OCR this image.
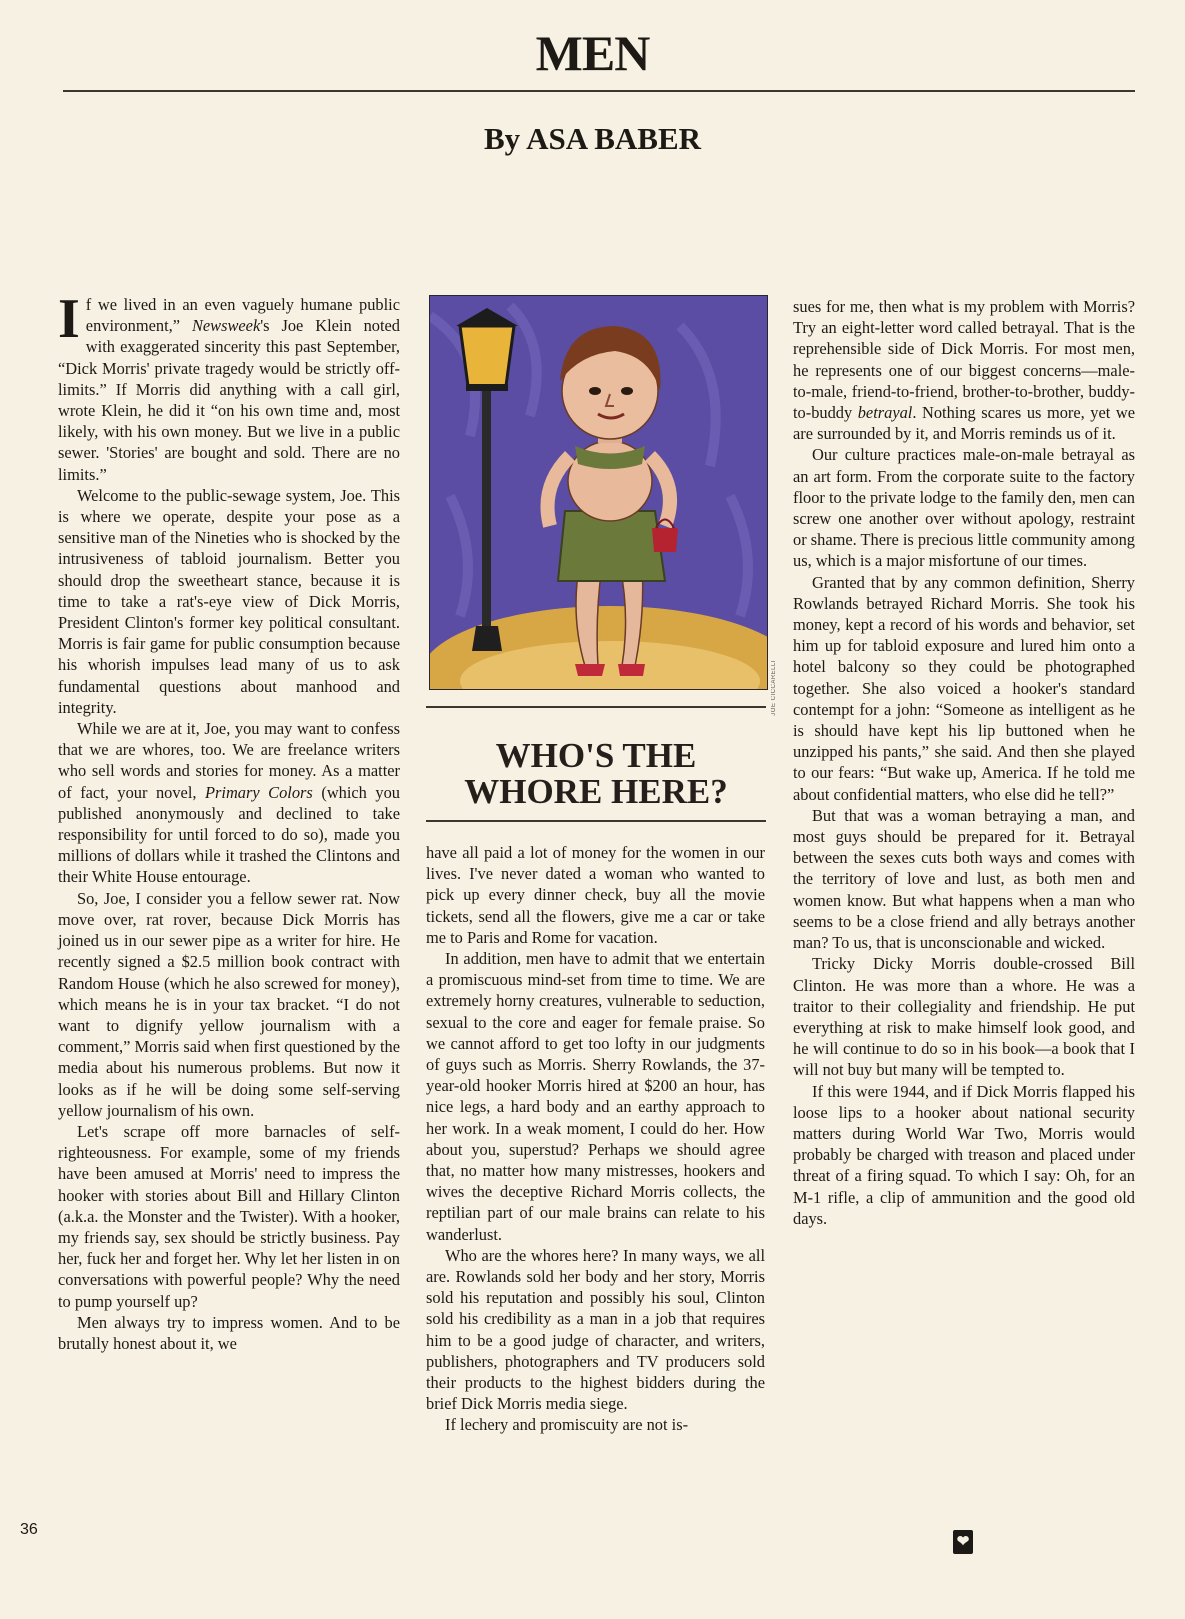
MEN
By ASA BABER

If we lived in an even vaguely humane public environment,” Newsweek's Joe Klein noted with exaggerated sincerity this past September, “Dick Morris' private tragedy would be strictly off-limits.” If Morris did anything with a call girl, wrote Klein, he did it “on his own time and, most likely, with his own money. But we live in a public sewer. 'Stories' are bought and sold. There are no limits.”

Welcome to the public-sewage system, Joe. This is where we operate, despite your pose as a sensitive man of the Nineties who is shocked by the intrusiveness of tabloid journalism. Better you should drop the sweetheart stance, because it is time to take a rat's-eye view of Dick Morris, President Clinton's former key political consultant. Morris is fair game for public consumption because his whorish impulses lead many of us to ask fundamental questions about manhood and integrity.

While we are at it, Joe, you may want to confess that we are whores, too. We are freelance writers who sell words and stories for money. As a matter of fact, your novel, Primary Colors (which you published anonymously and declined to take responsibility for until forced to do so), made you millions of dollars while it trashed the Clintons and their White House entourage.

So, Joe, I consider you a fellow sewer rat. Now move over, rat rover, because Dick Morris has joined us in our sewer pipe as a writer for hire. He recently signed a $2.5 million book contract with Random House (which he also screwed for money), which means he is in your tax bracket. “I do not want to dignify yellow journalism with a comment,” Morris said when first questioned by the media about his numerous problems. But now it looks as if he will be doing some self-serving yellow journalism of his own.

Let's scrape off more barnacles of self-righteousness. For example, some of my friends have been amused at Morris' need to impress the hooker with stories about Bill and Hillary Clinton (a.k.a. the Monster and the Twister). With a hooker, my friends say, sex should be strictly business. Pay her, fuck her and forget her. Why let her listen in on conversations with powerful people? Why the need to pump yourself up?

Men always try to impress women. And to be brutally honest about it, we

JOE CICCARELLI
WHO'S THE
WHORE HERE?

have all paid a lot of money for the women in our lives. I've never dated a woman who wanted to pick up every dinner check, buy all the movie tickets, send all the flowers, give me a car or take me to Paris and Rome for vacation.

In addition, men have to admit that we entertain a promiscuous mind-set from time to time. We are extremely horny creatures, vulnerable to seduction, sexual to the core and eager for female praise. So we cannot afford to get too lofty in our judgments of guys such as Morris. Sherry Rowlands, the 37-year-old hooker Morris hired at $200 an hour, has nice legs, a hard body and an earthy approach to her work. In a weak moment, I could do her. How about you, superstud? Perhaps we should agree that, no matter how many mistresses, hookers and wives the deceptive Richard Morris collects, the reptilian part of our male brains can relate to his wanderlust.

Who are the whores here? In many ways, we all are. Rowlands sold her body and her story, Morris sold his reputation and possibly his soul, Clinton sold his credibility as a man in a job that requires him to be a good judge of character, and writers, publishers, photographers and TV producers sold their products to the highest bidders during the brief Dick Morris media siege.

If lechery and promiscuity are not is-

sues for me, then what is my problem with Morris? Try an eight-letter word called betrayal. That is the reprehensible side of Dick Morris. For most men, he represents one of our biggest concerns—male-to-male, friend-to-friend, brother-to-brother, buddy-to-buddy betrayal. Nothing scares us more, yet we are surrounded by it, and Morris reminds us of it.

Our culture practices male-on-male betrayal as an art form. From the corporate suite to the factory floor to the private lodge to the family den, men can screw one another over without apology, restraint or shame. There is precious little community among us, which is a major misfortune of our times.

Granted that by any common definition, Sherry Rowlands betrayed Richard Morris. She took his money, kept a record of his words and behavior, set him up for tabloid exposure and lured him onto a hotel balcony so they could be photographed together. She also voiced a hooker's standard contempt for a john: “Someone as intelligent as he is should have kept his lip buttoned when he unzipped his pants,” she said. And then she played to our fears: “But wake up, America. If he told me about confidential matters, who else did he tell?”

But that was a woman betraying a man, and most guys should be prepared for it. Betrayal between the sexes cuts both ways and comes with the territory of love and lust, as both men and women know. But what happens when a man who seems to be a close friend and ally betrays another man? To us, that is unconscionable and wicked.

Tricky Dicky Morris double-crossed Bill Clinton. He was more than a whore. He was a traitor to their collegiality and friendship. He put everything at risk to make himself look good, and he will continue to do so in his book—a book that I will not buy but many will be tempted to.

If this were 1944, and if Dick Morris flapped his loose lips to a hooker about national security matters during World War Two, Morris would probably be charged with treason and placed under threat of a firing squad. To which I say: Oh, for an M-1 rifle, a clip of ammunition and the good old days.

36
❤
